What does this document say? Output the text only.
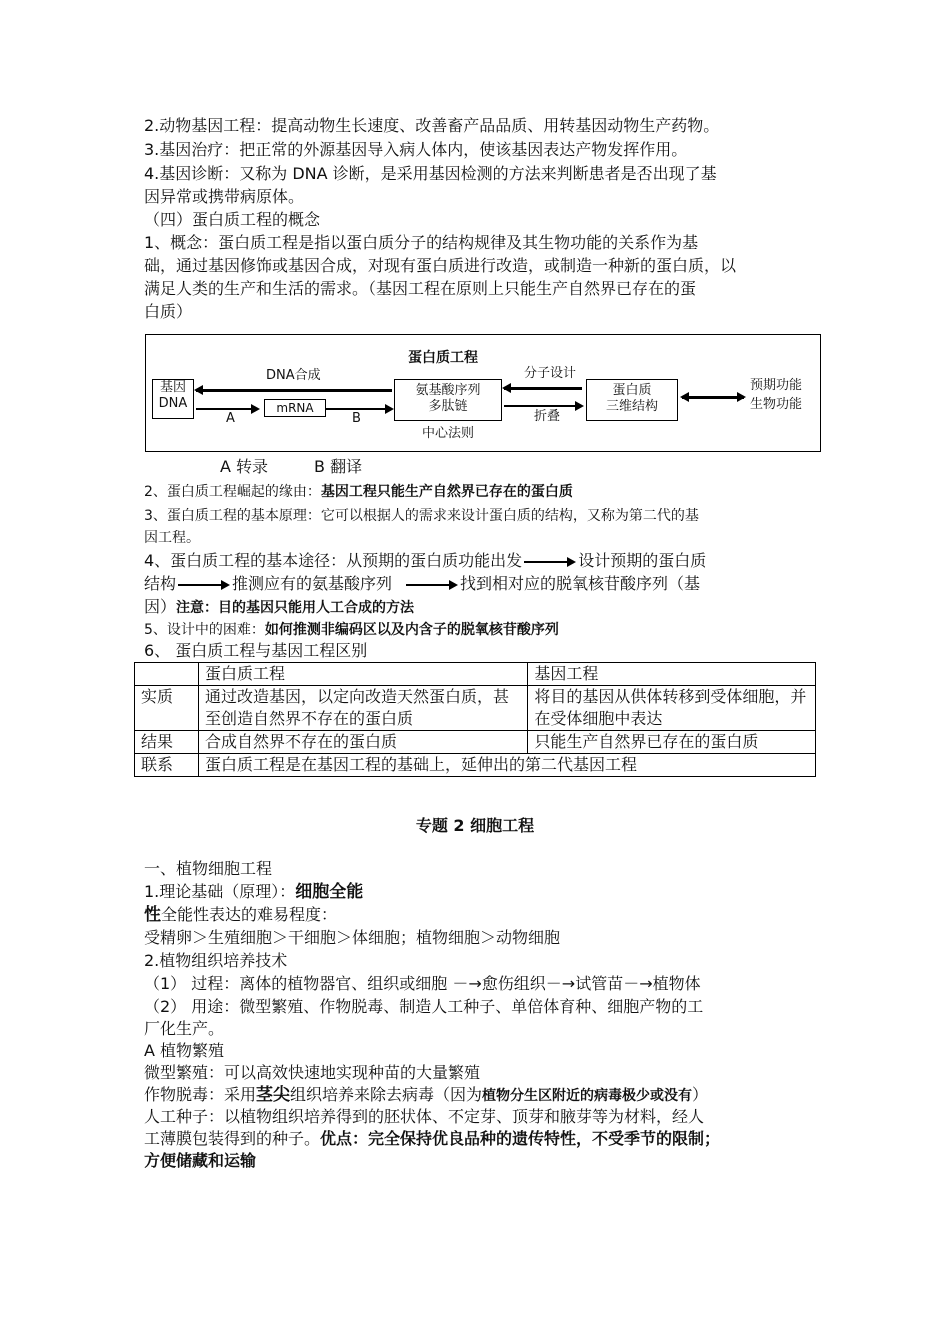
2.动物基因工程：提高动物生长速度、改善畜产品品质、用转基因动物生产药物。
3.基因治疗：把正常的外源基因导入病人体内，使该基因表达产物发挥作用。
4.基因诊断：又称为 DNA 诊断，是采用基因检测的方法来判断患者是否出现了基
因异常或携带病原体。
（四）蛋白质工程的概念
1、概念：蛋白质工程是指以蛋白质分子的结构规律及其生物功能的关系作为基
础，通过基因修饰或基因合成，对现有蛋白质进行改造，或制造一种新的蛋白质，以
满足人类的生产和生活的需求。（基因工程在原则上只能生产自然界已存在的蛋
白质）
蛋白质工程
基因
DNA
DNA合成
A
mRNA
B
氨基酸序列
多肽链
中心法则
分子设计
折叠
蛋白质
三维结构
预期功能
生物功能
A 转录	B 翻译
2、蛋白质工程崛起的缘由：基因工程只能生产自然界已存在的蛋白质
3、蛋白质工程的基本原理：它可以根据人的需求来设计蛋白质的结构，又称为第二代的基
因工程。
4、蛋白质工程的基本途径：从预期的蛋白质功能出发	设计预期的蛋白质
结构	推测应有的氨基酸序列	找到相对应的脱氧核苷酸序列（基
因）注意：目的基因只能用人工合成的方法
5、设计中的困难：如何推测非编码区以及内含子的脱氧核苷酸序列
6、 蛋白质工程与基因工程区别
	蛋白质工程	基因工程
实质	通过改造基因，以定向改造天然蛋白质，甚至创造自然界不存在的蛋白质	将目的基因从供体转移到受体细胞，并在受体细胞中表达
结果	合成自然界不存在的蛋白质	只能生产自然界已存在的蛋白质
联系	蛋白质工程是在基因工程的基础上，延伸出的第二代基因工程	
专题 2 细胞工程
一、植物细胞工程
1.理论基础（原理）：细胞全能
性全能性表达的难易程度：
受精卵＞生殖细胞＞干细胞＞体细胞；植物细胞＞动物细胞
2.植物组织培养技术
（1） 过程：离体的植物器官、组织或细胞 －→愈伤组织－→试管苗－→植物体
（2） 用途：微型繁殖、作物脱毒、制造人工种子、单倍体育种、细胞产物的工
厂化生产。
A 植物繁殖
微型繁殖：可以高效快速地实现种苗的大量繁殖
作物脱毒：采用茎尖组织培养来除去病毒（因为植物分生区附近的病毒极少或没有）
人工种子：以植物组织培养得到的胚状体、不定芽、顶芽和腋芽等为材料，经人
工薄膜包装得到的种子。优点：完全保持优良品种的遗传特性，不受季节的限制；
方便储藏和运输
